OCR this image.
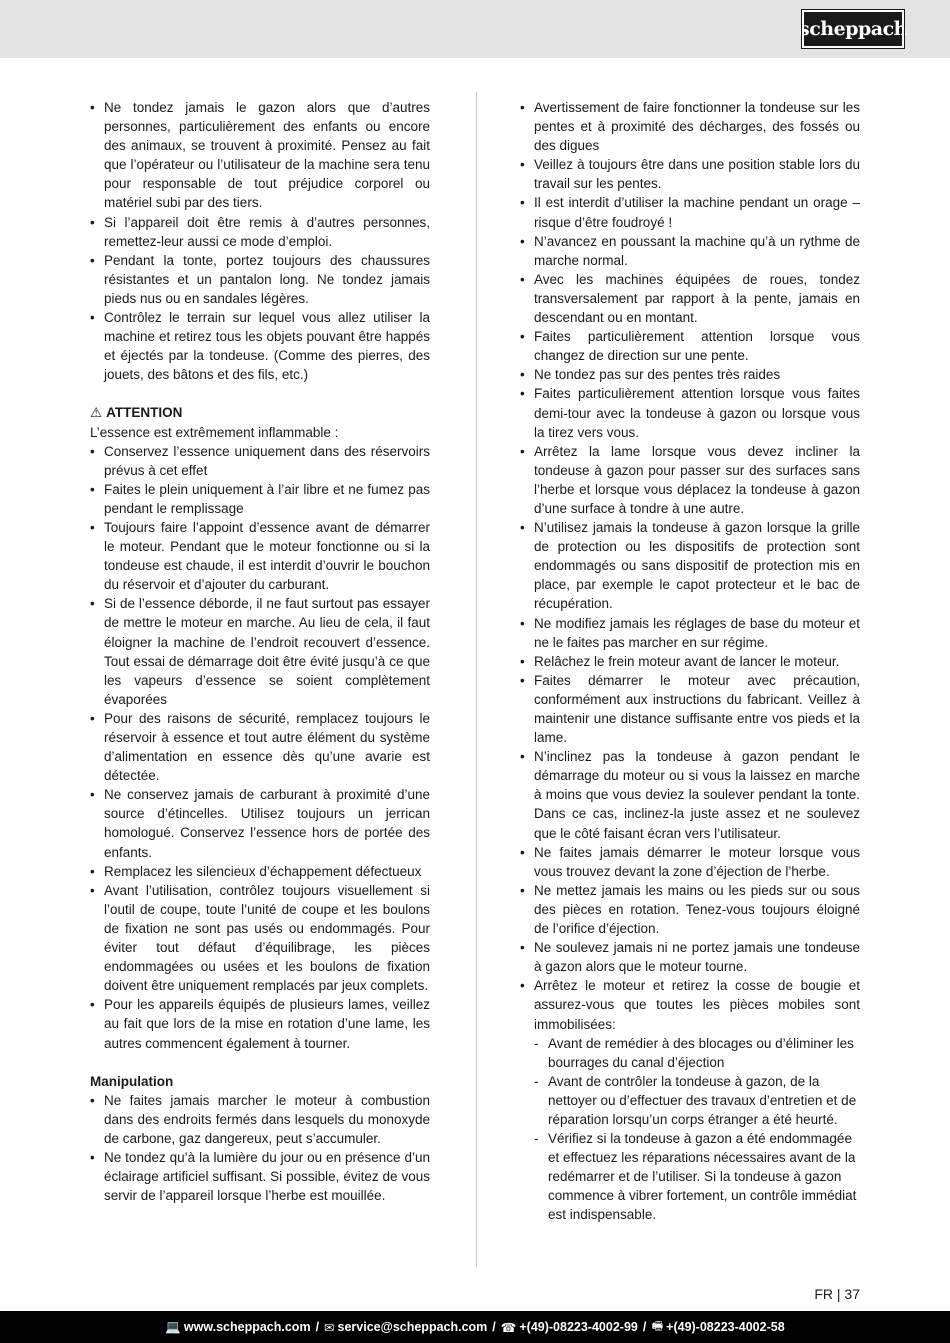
scheppach
• Ne tondez jamais le gazon alors que d’autres personnes, particulièrement des enfants ou encore des animaux, se trouvent à proximité. Pensez au fait que l’opérateur ou l’utilisateur de la machine sera tenu pour responsable de tout préjudice corporel ou matériel subi par des tiers.
• Si l’appareil doit être remis à d’autres personnes, remettez-leur aussi ce mode d’emploi.
• Pendant la tonte, portez toujours des chaussures résistantes et un pantalon long. Ne tondez jamais pieds nus ou en sandales légères.
• Contrôlez le terrain sur lequel vous allez utiliser la machine et retirez tous les objets pouvant être happés et éjectés par la tondeuse. (Comme des pierres, des jouets, des bâtons et des fils, etc.)
⚠ ATTENTION
L’essence est extrêmement inflammable :
• Conservez l’essence uniquement dans des réservoirs prévus à cet effet
• Faites le plein uniquement à l’air libre et ne fumez pas pendant le remplissage
• Toujours faire l’appoint d’essence avant de démarrer le moteur. Pendant que le moteur fonctionne ou si la tondeuse est chaude, il est interdit d’ouvrir le bouchon du réservoir et d’ajouter du carburant.
• Si de l’essence déborde, il ne faut surtout pas essayer de mettre le moteur en marche. Au lieu de cela, il faut éloigner la machine de l’endroit recouvert d’essence. Tout essai de démarrage doit être évité jusqu’à ce que les vapeurs d’essence se soient complètement évaporées
• Pour des raisons de sécurité, remplacez toujours le réservoir à essence et tout autre élément du système d’alimentation en essence dès qu’une avarie est détectée.
• Ne conservez jamais de carburant à proximité d’une source d’étincelles. Utilisez toujours un jerrican homologué. Conservez l’essence hors de portée des enfants.
• Remplacez les silencieux d’échappement défectueux
• Avant l’utilisation, contrôlez toujours visuellement si l’outil de coupe, toute l’unité de coupe et les boulons de fixation ne sont pas usés ou endommagés. Pour éviter tout défaut d’équilibrage, les pièces endommagées ou usées et les boulons de fixation doivent être uniquement remplacés par jeux complets.
• Pour les appareils équipés de plusieurs lames, veillez au fait que lors de la mise en rotation d’une lame, les autres commencent également à tourner.
Manipulation
• Ne faites jamais marcher le moteur à combustion dans des endroits fermés dans lesquels du monoxyde de carbone, gaz dangereux, peut s’accumuler.
• Ne tondez qu’à la lumière du jour ou en présence d’un éclairage artificiel suffisant. Si possible, évitez de vous servir de l’appareil lorsque l’herbe est mouillée.
• Avertissement de faire fonctionner la tondeuse sur les pentes et à proximité des décharges, des fossés ou des digues
• Veillez à toujours être dans une position stable lors du travail sur les pentes.
• Il est interdit d’utiliser la machine pendant un orage – risque d’être foudroyé !
• N’avancez en poussant la machine qu’à un rythme de marche normal.
• Avec les machines équipées de roues, tondez transversalement par rapport à la pente, jamais en descendant ou en montant.
• Faites particulièrement attention lorsque vous changez de direction sur une pente.
• Ne tondez pas sur des pentes très raides
• Faites particulièrement attention lorsque vous faites demi-tour avec la tondeuse à gazon ou lorsque vous la tirez vers vous.
• Arrêtez la lame lorsque vous devez incliner la tondeuse à gazon pour passer sur des surfaces sans l’herbe et lorsque vous déplacez la tondeuse à gazon d’une surface à tondre à une autre.
• N’utilisez jamais la tondeuse à gazon lorsque la grille de protection ou les dispositifs de protection sont endommagés ou sans dispositif de protection mis en place, par exemple le capot protecteur et le bac de récupération.
• Ne modifiez jamais les réglages de base du moteur et ne le faites pas marcher en sur régime.
• Relâchez le frein moteur avant de lancer le moteur.
• Faites démarrer le moteur avec précaution, conformément aux instructions du fabricant. Veillez à maintenir une distance suffisante entre vos pieds et la lame.
• N’inclinez pas la tondeuse à gazon pendant le démarrage du moteur ou si vous la laissez en marche à moins que vous deviez la soulever pendant la tonte. Dans ce cas, inclinez-la juste assez et ne soulevez que le côté faisant écran vers l’utilisateur.
• Ne faites jamais démarrer le moteur lorsque vous vous trouvez devant la zone d’éjection de l’herbe.
• Ne mettez jamais les mains ou les pieds sur ou sous des pièces en rotation. Tenez-vous toujours éloigné de l’orifice d’éjection.
• Ne soulevez jamais ni ne portez jamais une tondeuse à gazon alors que le moteur tourne.
• Arrêtez le moteur et retirez la cosse de bougie et assurez-vous que toutes les pièces mobiles sont immobilisées:
- Avant de remédier à des blocages ou d’éliminer les bourrages du canal d’éjection
- Avant de contrôler la tondeuse à gazon, de la nettoyer ou d’effectuer des travaux d’entretien et de réparation lorsqu’un corps étranger a été heurté.
- Vérifiez si la tondeuse à gazon a été endommagée et effectuez les réparations nécessaires avant de la redémarrer et de l’utiliser. Si la tondeuse à gazon commence à vibrer fortement, un contrôle immédiat est indispensable.
FR | 37
💻 www.scheppach.com / ✉ service@scheppach.com / ☎ +(49)-08223-4002-99 / 🖷 +(49)-08223-4002-58
